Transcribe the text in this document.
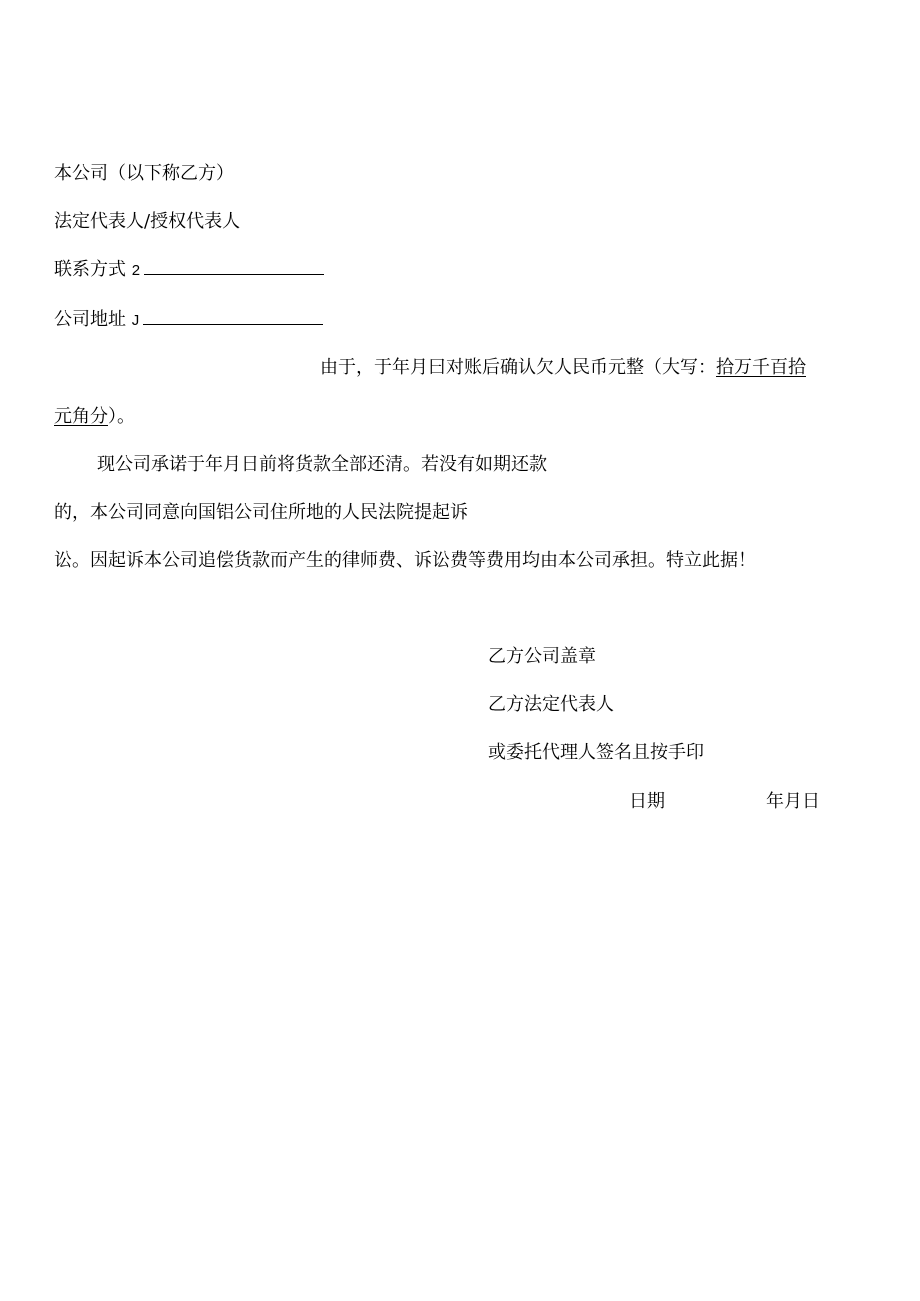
本公司（以下称乙方）
法定代表人/授权代表人
联系方式 2
公司地址 J
由于，于年月曰对账后确认欠人民币元整（大写：拾万千百拾
元角分）。
现公司承诺于年月日前将货款全部还清。若没有如期还款
的，本公司同意向国铝公司住所地的人民法院提起诉
讼。因起诉本公司追偿货款而产生的律师费、诉讼费等费用均由本公司承担。特立此据！
乙方公司盖章
乙方法定代表人
或委托代理人签名且按手印
日期	年月日
